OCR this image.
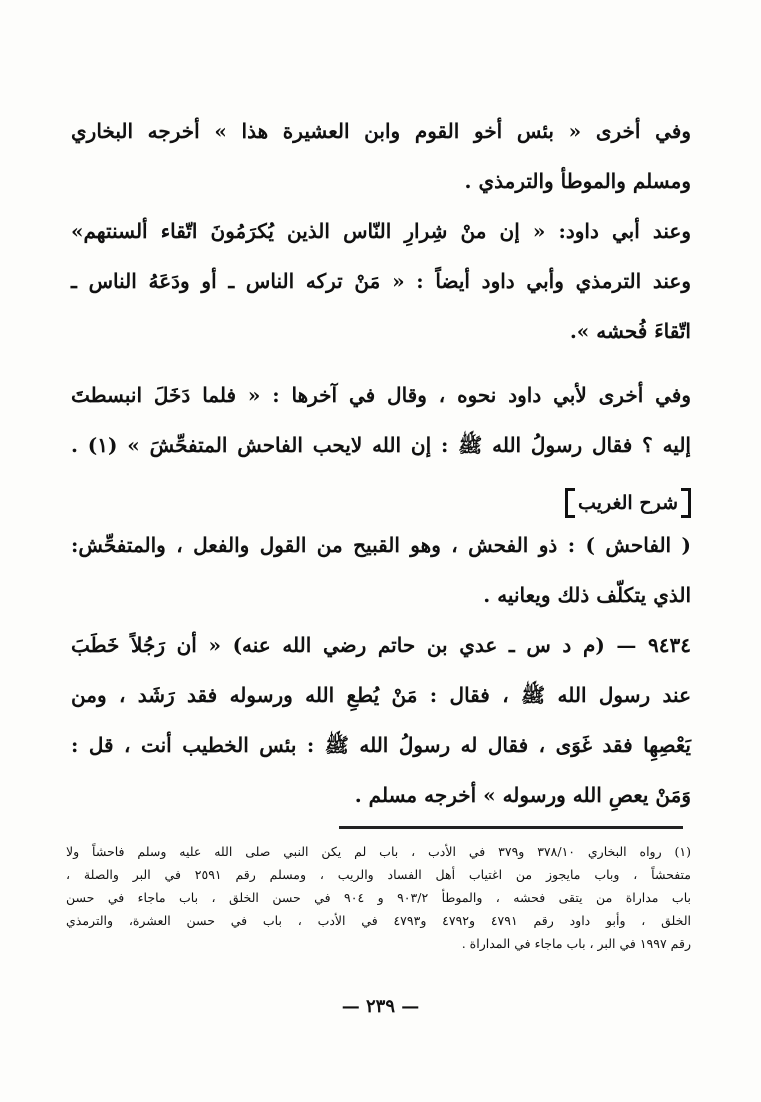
وفي أخرى « بئس أخو القوم وابن العشيرة هذا » أخرجه البخاري
ومسلم والموطأ والترمذي .
وعند أبي داود: « إن منْ شِرارِ النّاس الذين يُكرَمُونَ اتّقاء ألسنتهم»
وعند الترمذي وأبي داود أيضاً : « مَنْ تركه الناس ـ أو ودَعَهُ الناس ـ
اتّقاءَ فُحشه ».
وفي أخرى لأبي داود نحوه ، وقال في آخرها : « فلما دَخَلَ انبسطتَ
إليه ؟ فقال رسولُ الله ﷺ : إن الله لايحب الفاحش المتفحِّشَ » (١) .
شرح الغريب
( الفاحش ) : ذو الفحش ، وهو القبيح من القول والفعل ، والمتفحِّش:
الذي يتكلّف ذلك ويعانيه .
٩٤٣٤ — (م د س ـ عدي بن حاتم رضي الله عنه) « أن رَجُلاً خَطَبَ
عند رسول الله ﷺ ، فقال : مَنْ يُطعِ الله ورسوله فقد رَشَد ، ومن
يَعْصِهِا فقد غَوَى ، فقال له رسولُ الله ﷺ : بئس الخطيب أنت ، قل :
وَمَنْ يعصِ الله ورسوله » أخرجه مسلم .
(١) رواه البخاري ٣٧٨/١٠ و٣٧٩ في الأدب ، باب لم يكن النبي صلى الله عليه وسلم فاحشاً ولا
متفحشاً ، وباب مايجوز من اغتياب أهل الفساد والريب ، ومسلم رقم ٢٥٩١ في البر والصلة ،
باب مداراة من يتقى فحشه ، والموطأ ٩٠٣/٢ و ٩٠٤ في حسن الخلق ، باب ماجاء في حسن
الخلق ، وأبو داود رقم ٤٧٩١ و٤٧٩٢ و٤٧٩٣ في الأدب ، باب في حسن العشرة، والترمذي
رقم ١٩٩٧ في البر ، باب ماجاء في المداراة .
— ٢٣٩ —
